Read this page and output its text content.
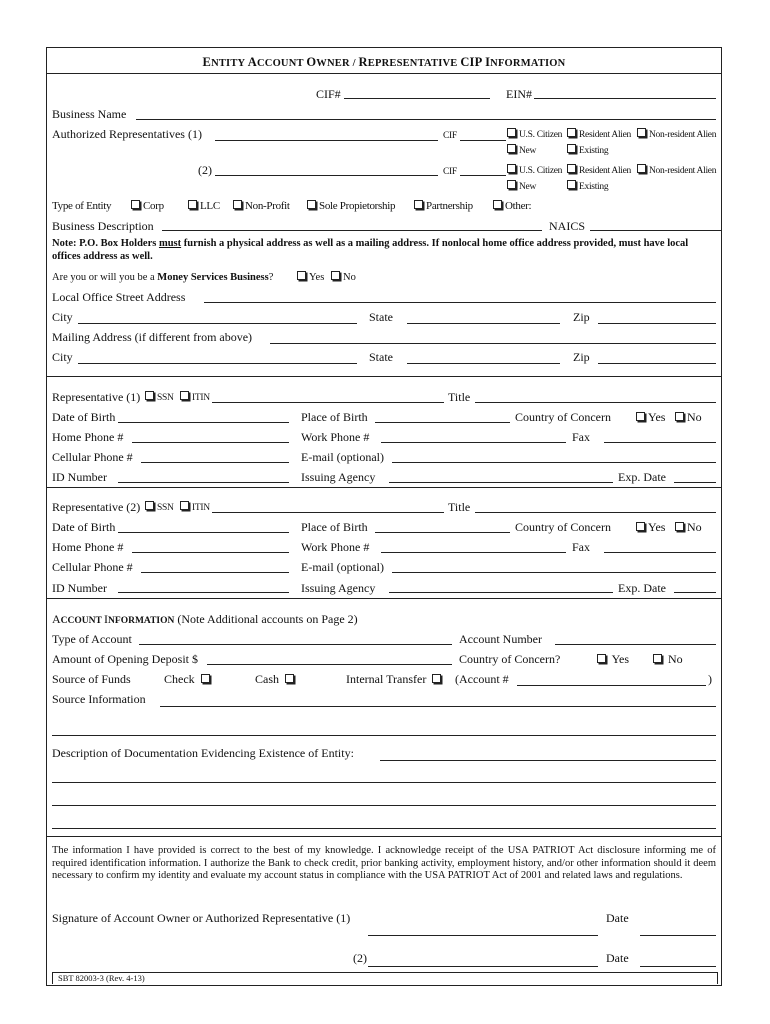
ENTITY ACCOUNT OWNER / REPRESENTATIVE CIP INFORMATION
CIF#	EIN#
Business Name
Authorized Representatives (1)	CIF	U.S. Citizen	Resident Alien	Non-resident Alien
New	Existing
(2)	CIF	U.S. Citizen	Resident Alien	Non-resident Alien
New	Existing
Type of Entity	Corp	LLC	Non-Profit	Sole Propietorship	Partnership	Other:
Business Description	NAICS
Note: P.O. Box Holders must furnish a physical address as well as a mailing address. If nonlocal home office address provided, must have local offices address as well.
Are you or will you be a Money Services Business?	Yes	No
Local Office Street Address
City	State	Zip
Mailing Address (if different from above)
City	State	Zip
Representative (1)	SSN	ITIN	Title
Date of Birth	Place of Birth	Country of Concern	Yes	No
Home Phone #	Work Phone #	Fax
Cellular Phone #	E-mail (optional)
ID Number	Issuing Agency	Exp. Date
Representative (2)	SSN	ITIN	Title
Date of Birth	Place of Birth	Country of Concern	Yes	No
Home Phone #	Work Phone #	Fax
Cellular Phone #	E-mail (optional)
ID Number	Issuing Agency	Exp. Date
ACCOUNT INFORMATION (Note Additional accounts on Page 2)
Type of Account	Account Number
Amount of Opening Deposit $	Country of Concern?	Yes	No
Source of Funds	Check	Cash	Internal Transfer	(Account #	)
Source Information
Description of Documentation Evidencing Existence of Entity:
The information I have provided is correct to the best of my knowledge. I acknowledge receipt of the USA PATRIOT Act disclosure informing me of required identification information. I authorize the Bank to check credit, prior banking activity, employment history, and/or other information should it deem necessary to confirm my identity and evaluate my account status in compliance with the USA PATRIOT Act of 2001 and related laws and regulations.
Signature of Account Owner or Authorized Representative (1)	Date
(2)	Date
SBT 82003-3 (Rev. 4-13)
